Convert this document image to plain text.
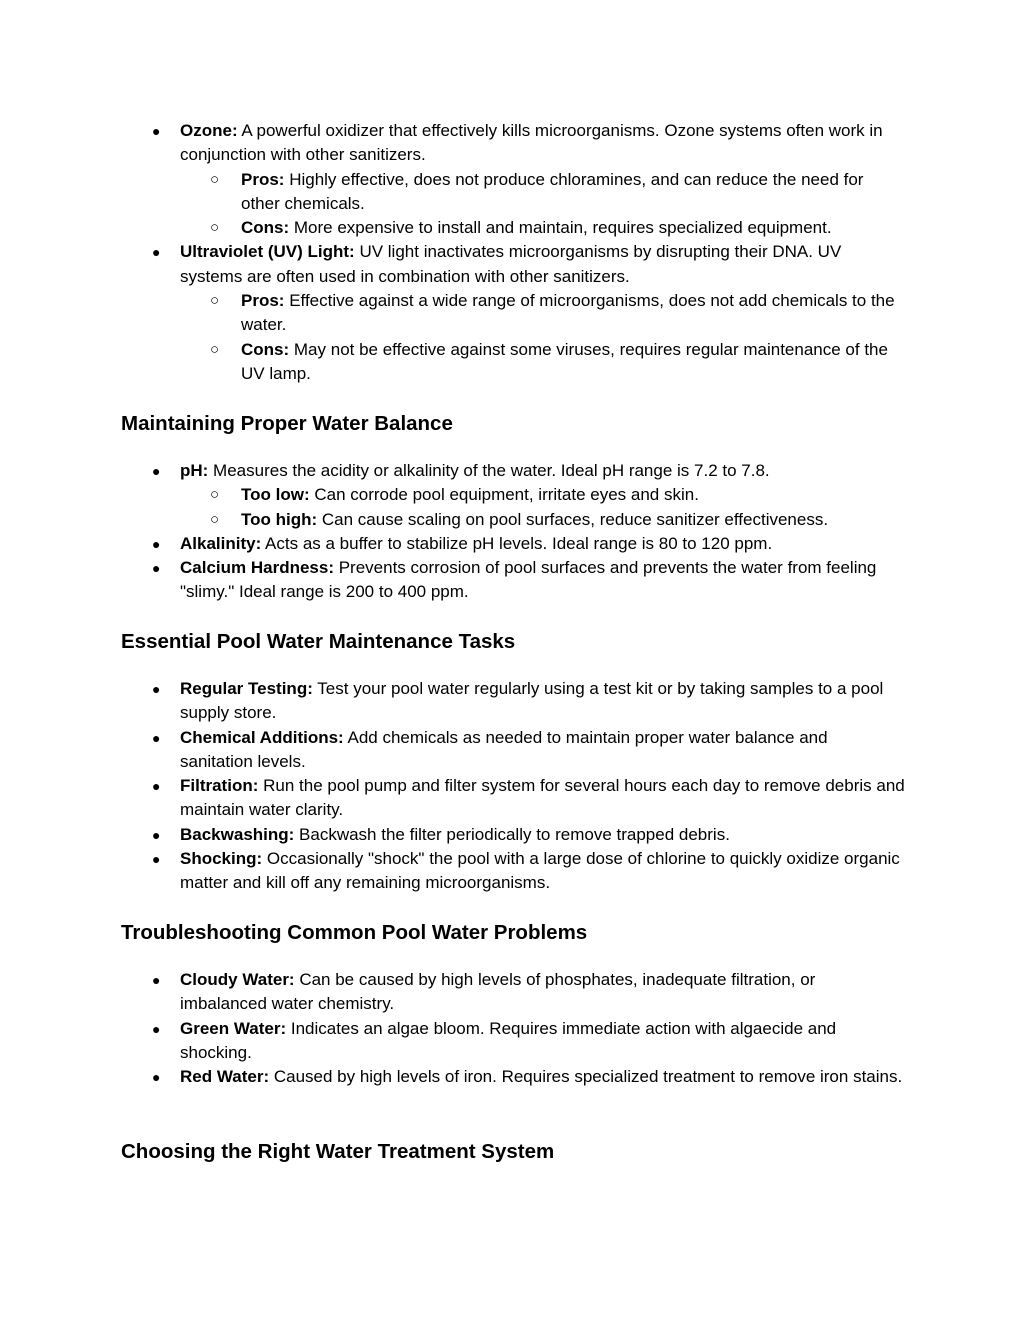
● Ozone: A powerful oxidizer that effectively kills microorganisms. Ozone systems often work in conjunction with other sanitizers.
○ Pros: Highly effective, does not produce chloramines, and can reduce the need for other chemicals.
○ Cons: More expensive to install and maintain, requires specialized equipment.
● Ultraviolet (UV) Light: UV light inactivates microorganisms by disrupting their DNA. UV systems are often used in combination with other sanitizers.
○ Pros: Effective against a wide range of microorganisms, does not add chemicals to the water.
○ Cons: May not be effective against some viruses, requires regular maintenance of the UV lamp.
Maintaining Proper Water Balance
● pH: Measures the acidity or alkalinity of the water. Ideal pH range is 7.2 to 7.8.
○ Too low: Can corrode pool equipment, irritate eyes and skin.
○ Too high: Can cause scaling on pool surfaces, reduce sanitizer effectiveness.
● Alkalinity: Acts as a buffer to stabilize pH levels. Ideal range is 80 to 120 ppm.
● Calcium Hardness: Prevents corrosion of pool surfaces and prevents the water from feeling "slimy." Ideal range is 200 to 400 ppm.
Essential Pool Water Maintenance Tasks
● Regular Testing: Test your pool water regularly using a test kit or by taking samples to a pool supply store.
● Chemical Additions: Add chemicals as needed to maintain proper water balance and sanitation levels.
● Filtration: Run the pool pump and filter system for several hours each day to remove debris and maintain water clarity.
● Backwashing: Backwash the filter periodically to remove trapped debris.
● Shocking: Occasionally "shock" the pool with a large dose of chlorine to quickly oxidize organic matter and kill off any remaining microorganisms.
Troubleshooting Common Pool Water Problems
● Cloudy Water: Can be caused by high levels of phosphates, inadequate filtration, or imbalanced water chemistry.
● Green Water: Indicates an algae bloom. Requires immediate action with algaecide and shocking.
● Red Water: Caused by high levels of iron. Requires specialized treatment to remove iron stains.
Choosing the Right Water Treatment System
